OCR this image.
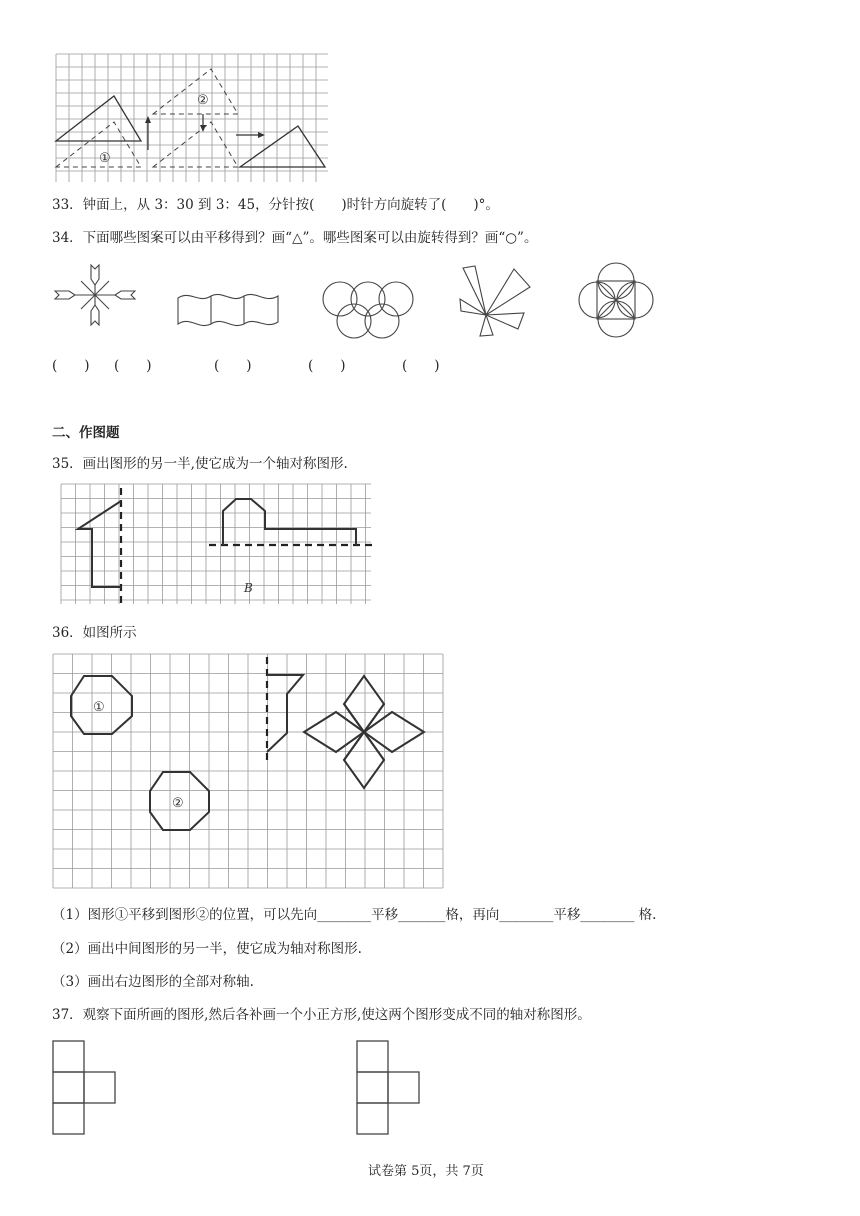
①
②
33．钟面上，从 3：30 到 3：45，分针按(　　)时针方向旋转了(　　)°。
34．下面哪些图案可以由平移得到？画“△”。哪些图案可以由旋转得到？画“○”。
(　　) (　　)	(　　)	(　　)	(　　)
二、作图题
35．画出图形的另一半,使它成为一个轴对称图形.
B
36．如图所示
①
②
（1）图形①平移到图形②的位置，可以先向________平移_______格，再向________平移________ 格.
（2）画出中间图形的另一半，使它成为轴对称图形.
（3）画出右边图形的全部对称轴.
37．观察下面所画的图形,然后各补画一个小正方形,使这两个图形变成不同的轴对称图形。
试卷第 5页，共 7页
